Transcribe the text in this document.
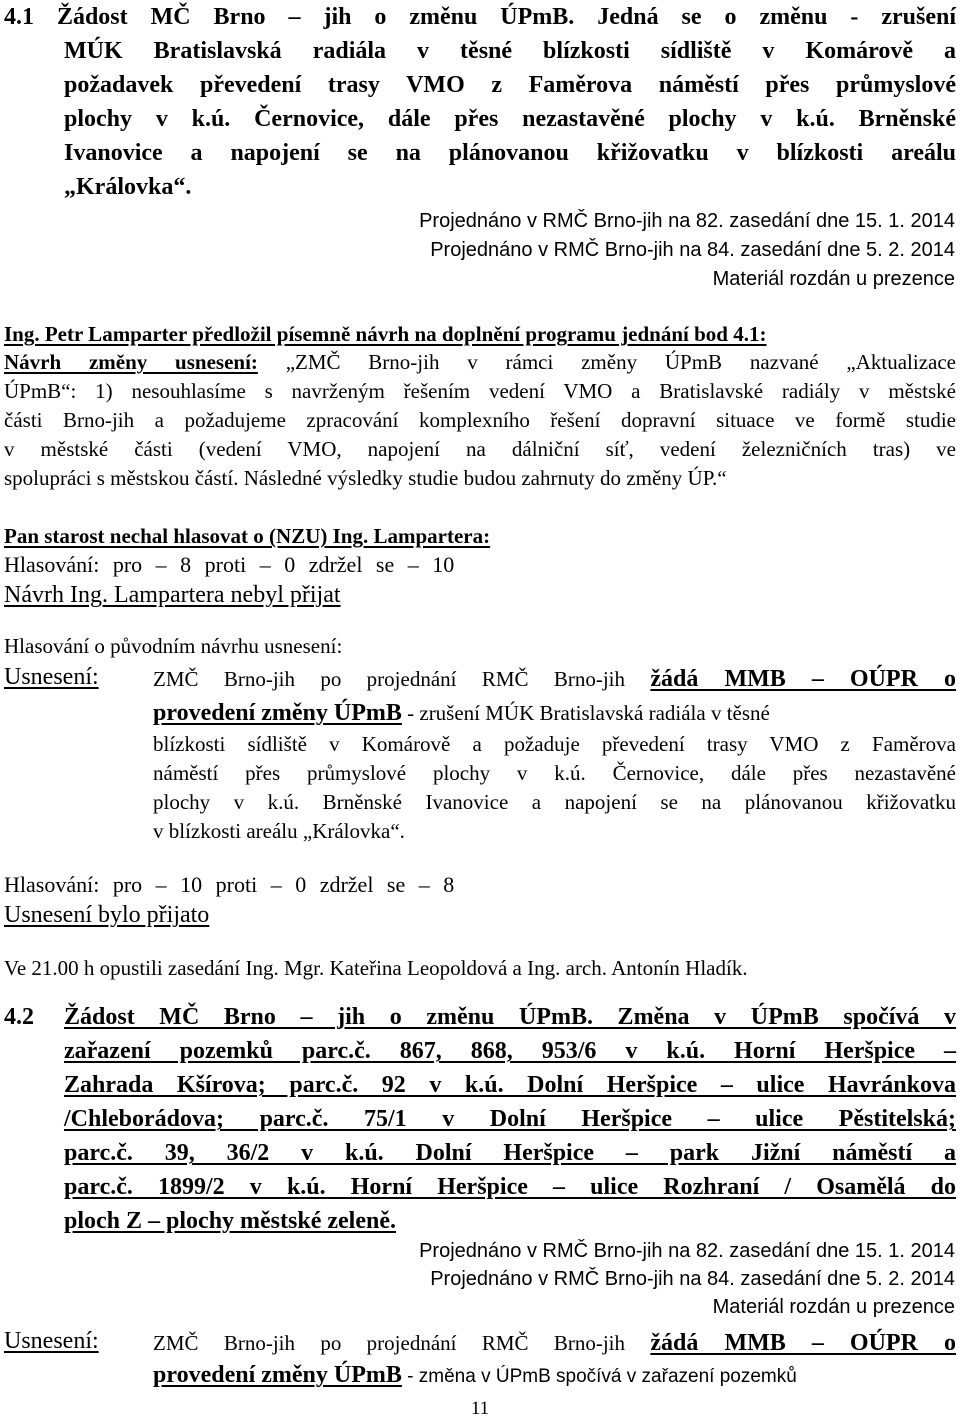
4.1 Žádost MČ Brno – jih o změnu ÚPmB. Jedná se o změnu - zrušení
MÚK Bratislavská radiála v těsné blízkosti sídliště v Komárově a
požadavek převedení trasy VMO z Faměrova náměstí přes průmyslové
plochy v k.ú. Černovice, dále přes nezastavěné plochy v k.ú. Brněnské
Ivanovice a napojení se na plánovanou křižovatku v blízkosti areálu
„Královka“.
Projednáno v RMČ Brno-jih na 82. zasedání dne 15. 1. 2014
Projednáno v RMČ Brno-jih na 84. zasedání dne 5. 2. 2014
Materiál rozdán u prezence
Ing. Petr Lamparter předložil písemně návrh na doplnění programu jednání bod 4.1:
Návrh změny usnesení: „ZMČ Brno-jih v rámci změny ÚPmB nazvané „Aktualizace
ÚPmB“: 1) nesouhlasíme s navrženým řešením vedení VMO a Bratislavské radiály v městské
části Brno-jih a požadujeme zpracování komplexního řešení dopravní situace ve formě studie
v městské části (vedení VMO, napojení na dálniční síť, vedení železničních tras) ve
spolupráci s městskou částí. Následné výsledky studie budou zahrnuty do změny ÚP.“
Pan starost nechal hlasovat o (NZU) Ing. Lampartera:
Hlasování: pro – 8 proti – 0 zdržel se – 10
Návrh Ing. Lampartera nebyl přijat
Hlasování o původním návrhu usnesení:
Usnesení:	ZMČ Brno-jih po projednání RMČ Brno-jih žádá MMB – OÚPR o
provedení změny ÚPmB - zrušení MÚK Bratislavská radiála v těsné
blízkosti sídliště v Komárově a požaduje převedení trasy VMO z Faměrova
náměstí přes průmyslové plochy v k.ú. Černovice, dále přes nezastavěné
plochy v k.ú. Brněnské Ivanovice a napojení se na plánovanou křižovatku
v blízkosti areálu „Královka“.
Hlasování: pro – 10 proti – 0 zdržel se – 8
Usnesení bylo přijato
Ve 21.00 h opustili zasedání Ing. Mgr. Kateřina Leopoldová a Ing. arch. Antonín Hladík.
4.2	Žádost MČ Brno – jih o změnu ÚPmB. Změna v ÚPmB spočívá v
zařazení pozemků parc.č. 867, 868, 953/6 v k.ú. Horní Heršpice –
Zahrada Kšírova; parc.č. 92 v k.ú. Dolní Heršpice – ulice Havránkova
/Chleborádova; parc.č. 75/1 v Dolní Heršpice – ulice Pěstitelská;
parc.č. 39, 36/2 v k.ú. Dolní Heršpice – park Jižní náměstí a
parc.č. 1899/2 v k.ú. Horní Heršpice – ulice Rozhraní / Osamělá do
ploch Z – plochy městské zeleně.
Projednáno v RMČ Brno-jih na 82. zasedání dne 15. 1. 2014
Projednáno v RMČ Brno-jih na 84. zasedání dne 5. 2. 2014
Materiál rozdán u prezence
Usnesení:	ZMČ Brno-jih po projednání RMČ Brno-jih žádá MMB – OÚPR o
provedení změny ÚPmB - změna v ÚPmB spočívá v zařazení pozemků
11
